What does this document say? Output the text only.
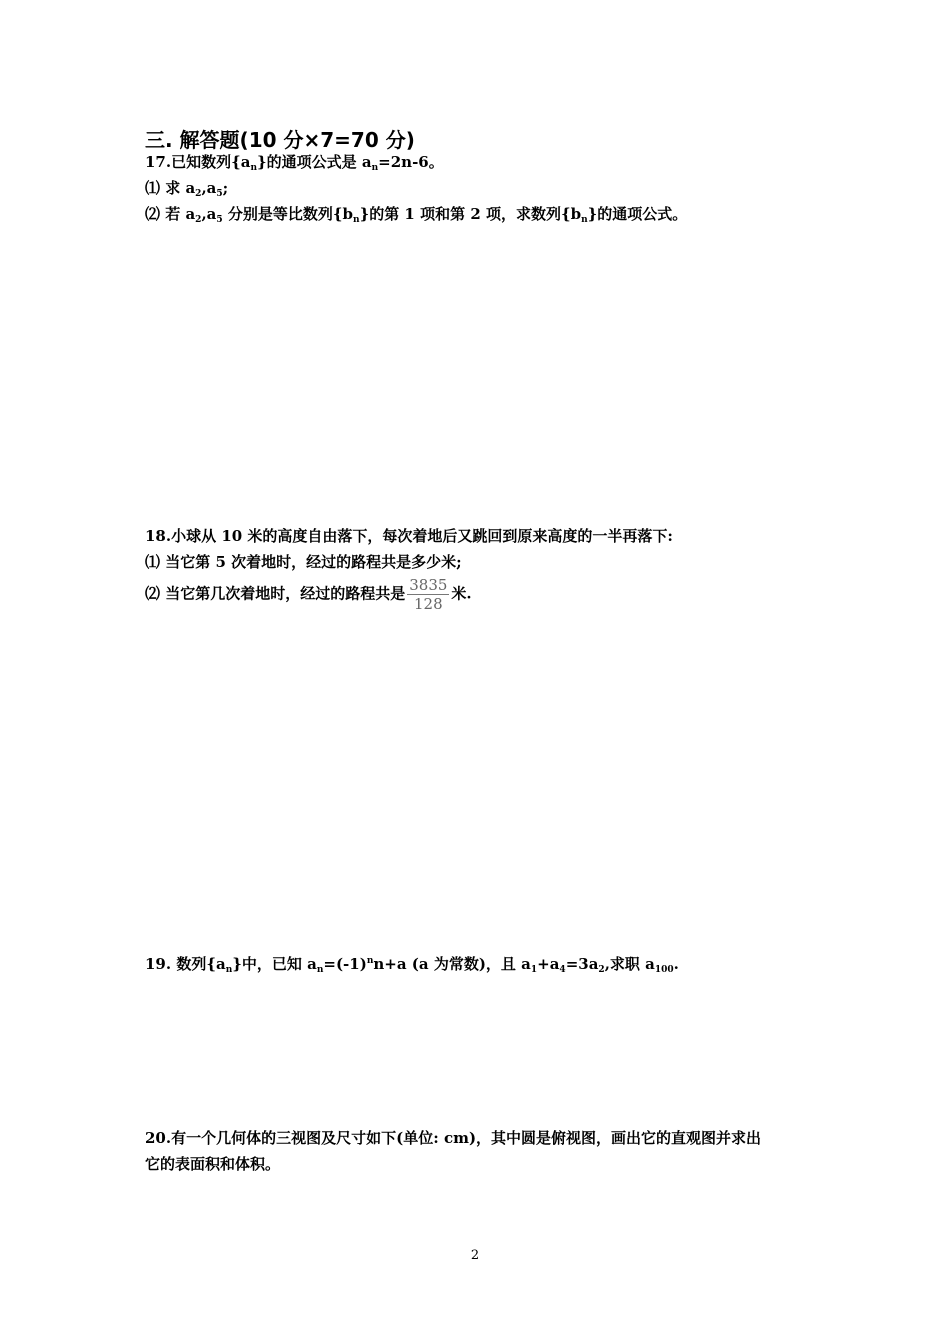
三. 解答题(10 分×7=70 分)
17.已知数列$\{a_n\}$的通项公式是 $a_n=2n-6$。
⑴ 求 $a_2,a_5$;
⑵ 若 $a_2,a_5$ 分别是等比数列$\{b_n\}$的第 1 项和第 2 项，求数列$\{b_n\}$的通项公式。
18.小球从 10 米的高度自由落下，每次着地后又跳回到原来高度的一半再落下:
⑴ 当它第 5 次着地时，经过的路程共是多少米;
⑵ 当它第几次着地时，经过的路程共是 $\frac{3835}{128}$ 米.
19. 数列$\{a_n\}$中，已知 $a_n=(-1)^nn+a$ (a 为常数)，且 $a_1+a_4=3a_2$,求职 $a_{100}$.
20.有一个几何体的三视图及尺寸如下(单位: cm)，其中圆是俯视图，画出它的直观图并求出
它的表面积和体积。
2
